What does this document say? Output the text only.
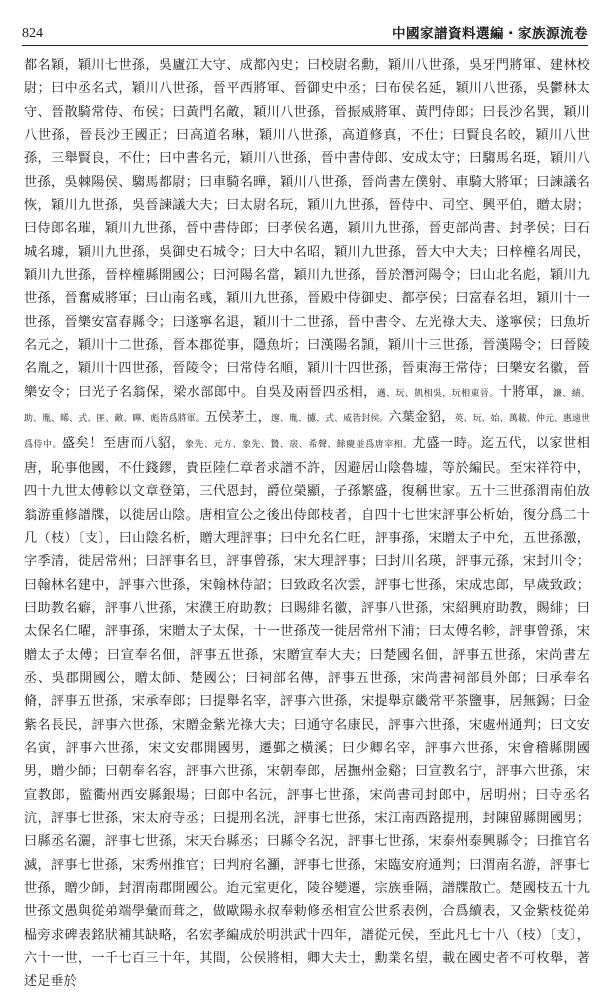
824	中國家譜資料選編・家族源流卷

都名穎，穎川七世孫，吳廬江大守、成都內史；曰校尉名勳，穎川八世孫，吳牙門將軍、建林校尉；曰中丞名式，穎川八世孫，晉平西將軍、晉御史中丞；曰布侯名延，穎川八世孫，吳鬱林太守、晉散騎常侍、布侯；曰黃門名敵，穎川八世孫，晉振威將軍、黃門侍郎；曰長沙名巽，穎川八世孫，晉長沙王國正；曰高道名琳，穎川八世孫，高道修真，不仕；曰賢良名皎，穎川八世孫，三舉賢良，不仕；曰中書名元，穎川八世孫，晉中書侍郎、安成太守；曰騶馬名珽，穎川八世孫，吳棘陽侯、騶馬都尉；曰車騎名曄，穎川八世孫，晉尚書左僕射、車騎大將軍；曰諫議名恢，穎川九世孫，吳晉諫議大夫；曰太尉名玩，穎川九世孫，晉侍中、司空、興平伯，贈太尉；曰侍郎名璀，穎川九世孫，晉中書侍郎；曰孝侯名邁，穎川九世孫，晉吏部尚書、封孝侯；曰石城名璩，穎川九世孫，吳御史石城令；曰大中名昭，穎川九世孫，晉大中大夫；曰梓橦名周民，穎川九世孫，晉梓橦縣開國公；曰河陽名當，穎川九世孫，晉於潛河陽令；曰山北名彪，穎川九世孫，晉奮威將軍；曰山南名彧，穎川九世孫，晉殿中侍御史、都亭侯；曰富春名坦，穎川十一世孫，晉樂安富春縣令；曰遂寧名退，穎川十二世孫，晉中書令、左光祿大夫、遂寧侯；曰魚圻名元之，穎川十二世孫，晉本郡從事，隱魚圻；曰漢陽名頴，穎川十三世孫，晉漢陽令；曰晉陵名胤之，穎川十四世孫，晉陵令；曰常侍名順，穎川十四世孫，晉東海王常侍；曰樂安名徽，晉樂安令；曰光子名翁保，梁水部郎中。自吳及兩晉四丞相，邁、玩、凱相吳，玩相東晉。十將軍，濂、績、助、胤、晞、式、匪、敵、曄、彪皆爲將軍。五侯茅土，邃、胤、攄、式、威皆封侯。六葉金貂，英、玩、始、萬載、仲元、惠遠世爲侍中。盛矣！至唐而八貂，象先、元方、象先、贄、扆、希聲、餘慶並爲唐宰相。尤盛一時。迄五代，以家世相唐，恥事他國，不仕錢鏐，貴臣陸仁章者求譜不許，因避居山陰魯墟，等於編民。至宋祥符中，四十九世太傅軫以文章登第，三代恩封，爵位榮顯，子孫繁盛，復稱世家。五十三世孫渭南伯放翁游重修譜牒，以徙居山陰。唐相宣公之後出侍郎枝者，自四十七世宋評事公析始，復分爲二十几（枝）〔支〕，曰山陰名析，贈大理評事；曰中允名仁旺，評事孫，宋贈太子中允，五世孫激，字季清，徙居常州；曰評事名旦，評事曾孫，宋大理評事；曰封川名瑛，評事元孫，宋封川令；曰翰林名建中，評事六世孫，宋翰林侍詔；曰致政名次雲，評事七世孫，宋成忠郎，早歲致政；曰助教名癖，評事八世孫，宋濮王府助教；曰賜緋名徽，評事八世孫，宋紹興府助教，賜緋；曰太保名仁曜，評事孫，宋贈太子太保，十一世孫茂一徙居常州下浦；曰太傅名軫，評事曾孫，宋贈太子太傅；曰宣奉名佃，評事五世孫，宋贈宣奉大夫；曰楚國名佃，評事五世孫，宋尚書左丞、吳郡開國公，贈太師、楚國公；曰祠部名傳，評事五世孫，宋尚書祠部員外郎；曰承奉名脩，評事五世孫，宋承奉郎；曰提舉名宰，評事六世孫，宋提舉京畿常平茶鹽事，居無錫；曰金紫名長民，評事六世孫，宋贈金紫光祿大夫；曰通守名康民，評事六世孫，宋處州通判；曰文安名寅，評事六世孫，宋文安郡開國男，遷鄞之橫溪；曰少卿名宰，評事六世孫，宋會稽縣開國男，贈少師；曰朝奉名容，評事六世孫，宋朝奉郎，居撫州金谿；曰宣教名宁，評事六世孫，宋宣教郎，監衢州西安縣銀場；曰郎中名沅，評事七世孫，宋尚書司封郎中，居明州；曰寺丞名沆，評事七世孫，宋太府寺丞；曰提刑名洸，評事七世孫，宋江南西路提刑，封陳留縣開國男；曰縣丞名灑，評事七世孫，宋天台縣丞；曰縣令名況，評事七世孫，宋泰州泰興縣令；曰推官名滅，評事七世孫，宋秀州推官；曰判府名灦，評事七世孫，宋臨安府通判；曰渭南名游，評事七世孫，贈少師，封渭南郡開國公。迨元室更化，陵谷變遷，宗族垂隔，譜牒散亡。楚國枝五十九世孫文愚與從弟端學彙而葺之，做歐陽永叔奉勅修丞相宣公世系表例，合爲續表，又金紫枝從弟榀旁求碑表銘狀補其缺略，名宏孝編成於明洪武十四年，譜從元侯，至此凡七十八（枝）〔支〕，六十一世，一千七百三十年，其間，公侯將相，卿大夫士，勳業名望，載在國史者不可枚舉，著述足垂於
